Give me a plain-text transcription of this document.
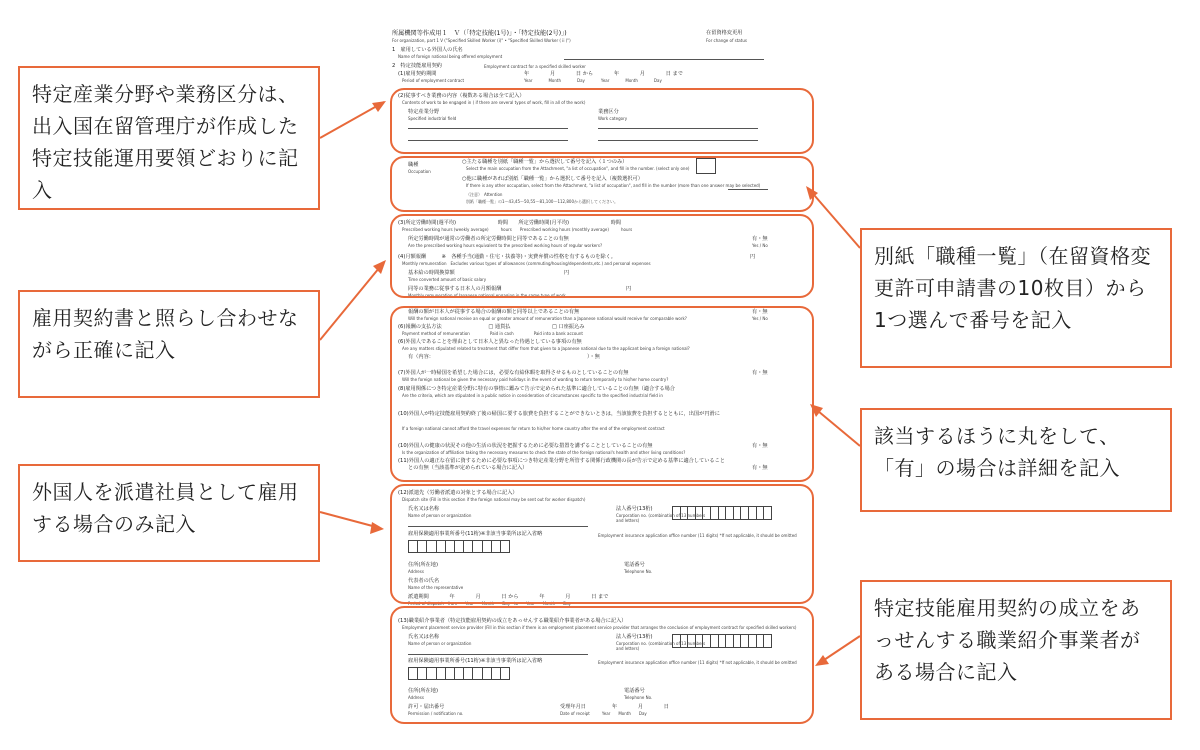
所属機関等作成用１　Ｖ（「特定技能(1号)」・「特定技能(2号)」)
For organization, part 1 V ("Specified Skilled Worker (i)" • "Specified Skilled Worker ( ii )")
在留資格変更用
For change of status
1　雇用している外国人の氏名
Name of foreign national being offered employment
2　特定技能雇用契約	Employment contract for a specified skilled worker
(1)雇用契約期間
Period of employment contract
年　　　　月　　　　日 から　　　　年　　　　月　　　　日 まで
Year　　　　Month　　　　Day　　　　Year　　　　Month　　　　Day
(2)従事すべき業務の内容（複数ある場合は全て記入）
Contents of work to be engaged in ( if there are several types of work, fill in all of the work)
特定産業分野
Specified industrial field
業務区分
Work category
職種
Occupation
○主たる職種を別紙「職種一覧」から選択して番号を記入（１つのみ）
Select the main occupation from the Attachment, "a list of occupation", and fill in the number. (select only one)
○他に職種があれば別紙「職種一覧」から選択して番号を記入（複数選択可）
If there is any other occupation, select from the Attachment, "a list of occupation", and fill in the number (more than one answer may be selected)
（注意）　Attention
別紙「職種一覧」の1～43,45～50,55～81,100～112,800から選択してください。
(3)所定労働時間(週平均)　　　　　　　　時間　　所定労働時間(月平均)　　　　　　　　時間
Prescribed working hours (weekly average)　　　hours　　Prescribed working hours (monthly average)　　　hours
所定労働時間が通常の労働者の所定労働時間と同等であることの有無
Are the prescribed working hours equivalent to the prescribed working hours of regular workers?
有・無
Yes / No
(4)月額報酬　　　※　各種手当(通勤・住宅・扶養等)・実費弁償の性格を有するものを除く。
Monthly remuneration　Excludes various types of allowances (commuting/housing/dependents,etc.) and personal expenses
円
基本給の時間換算額
Time converted amount of basic salary
円
同等の業務に従事する日本人の月額報酬
Monthly remuneration of Japanese national engaging in the same type of work
円
報酬の額が日本人が従事する場合の報酬の額と同等以上であることの有無
Will the foreign national receive an equal or greater amount of remuneration than a Japanese national would receive for comparable work?
有・無
Yes / No
(6)報酬の支払方法　　　　　　　　　□ 通貨払　　　　　　　　□ 口座振込み
Payment method of remuneration　　　　　Paid in cash　　　　　Paid into a bank account
(6)外国人であることを理由として日本人と異なった待遇としている事項の有無
Are any matters stipulated related to treatment that differ from that given to a Japanese national due to the applicant being a foreign national?
有（内容：　　　　　　　　　　　　　　　　　　　　　　　　　　　　　　）・無
(7)外国人が一時帰国を希望した場合には，必要な有給休暇を取得させるものとしていることの有無
Will the foreign national be given the necessary paid holidays in the event of wanting to return temporarily to his/her home country?
有・無
(8)雇用関係につき特定産業分野に特有の事情に鑑みて告示で定められた基準に適合していることの有無（適合する場合
Are the criteria, which are stipulated in a public notice in consideration of circumstances specific to the specified industrial field in
(10)外国人が特定技能雇用契約終了後の帰国に要する旅費を負担することができないときは，当該旅費を負担するとともに，出国が円滑に
If a foreign national cannot afford the travel expenses for return to his/her home country after the end of the employment contract
(10)外国人の健康の状況その他の生活の状況を把握するために必要な措置を講ずることとしていることの有無
Is the organization of affiliation taking the necessary measures to check the state of the foreign national's health and other living conditions?
有・無
(11)外国人の適正な在留に資するために必要な事項につき特定産業分野を所管する関係行政機関の長が告示で定める基準に適合していること
との有無（当該基準が定められている場合に記入）	有・無
(12)派遣先（労働者派遣の対象とする場合に記入）
Dispatch site (Fill in this section if the foreign national may be sent out for worker dispatch)
氏名又は名称
Name of person or organization
法人番号(13桁)
Corporation no. (combination of 13 numbers and letters)
雇用保険適用事業所番号(11桁)※非該当事業所は記入省略	Employment insurance application office number (11 digits) *If not applicable, it should be omitted
住所(所在地)
Address
電話番号
Telephone No.
代表者の氏名
Name of the representative
派遣期間　　　　年　　　　月　　　　日 から　　　　年　　　　月　　　　日 まで
Period of dispatch　from　　Year　　Month　　Day　to　　Year　　Month　　Day
(13)職業紹介事業者（特定技能雇用契約の成立をあっせんする職業紹介事業者がある場合に記入）
Employment placement service provider (Fill in this section if there is an employment placement service provider that arranges the conclusion of employment contract for specified skilled workers)
氏名又は名称
Name of person or organization
法人番号(13桁)
Corporation no. (combination of 13 numbers and letters)
雇用保険適用事業所番号(11桁)※非該当事業所は記入省略	Employment insurance application office number (11 digits) *If not applicable, it should be omitted
住所(所在地)
Address
電話番号
Telephone No.
許可・届出番号
Permission / notification no.
受理年月日　　　　　年　　　　月　　　　日
Date of receipt　　　Year　　Month　　Day
特定産業分野や業務区分は、出入国在留管理庁が作成した特定技能運用要領どおりに記入
別紙「職種一覧」（在留資格変更許可申請書の10枚目）から1つ選んで番号を記入
雇用契約書と照らし合わせながら正確に記入
該当するほうに丸をして、「有」の場合は詳細を記入
外国人を派遣社員として雇用する場合のみ記入
特定技能雇用契約の成立をあっせんする職業紹介事業者がある場合に記入
